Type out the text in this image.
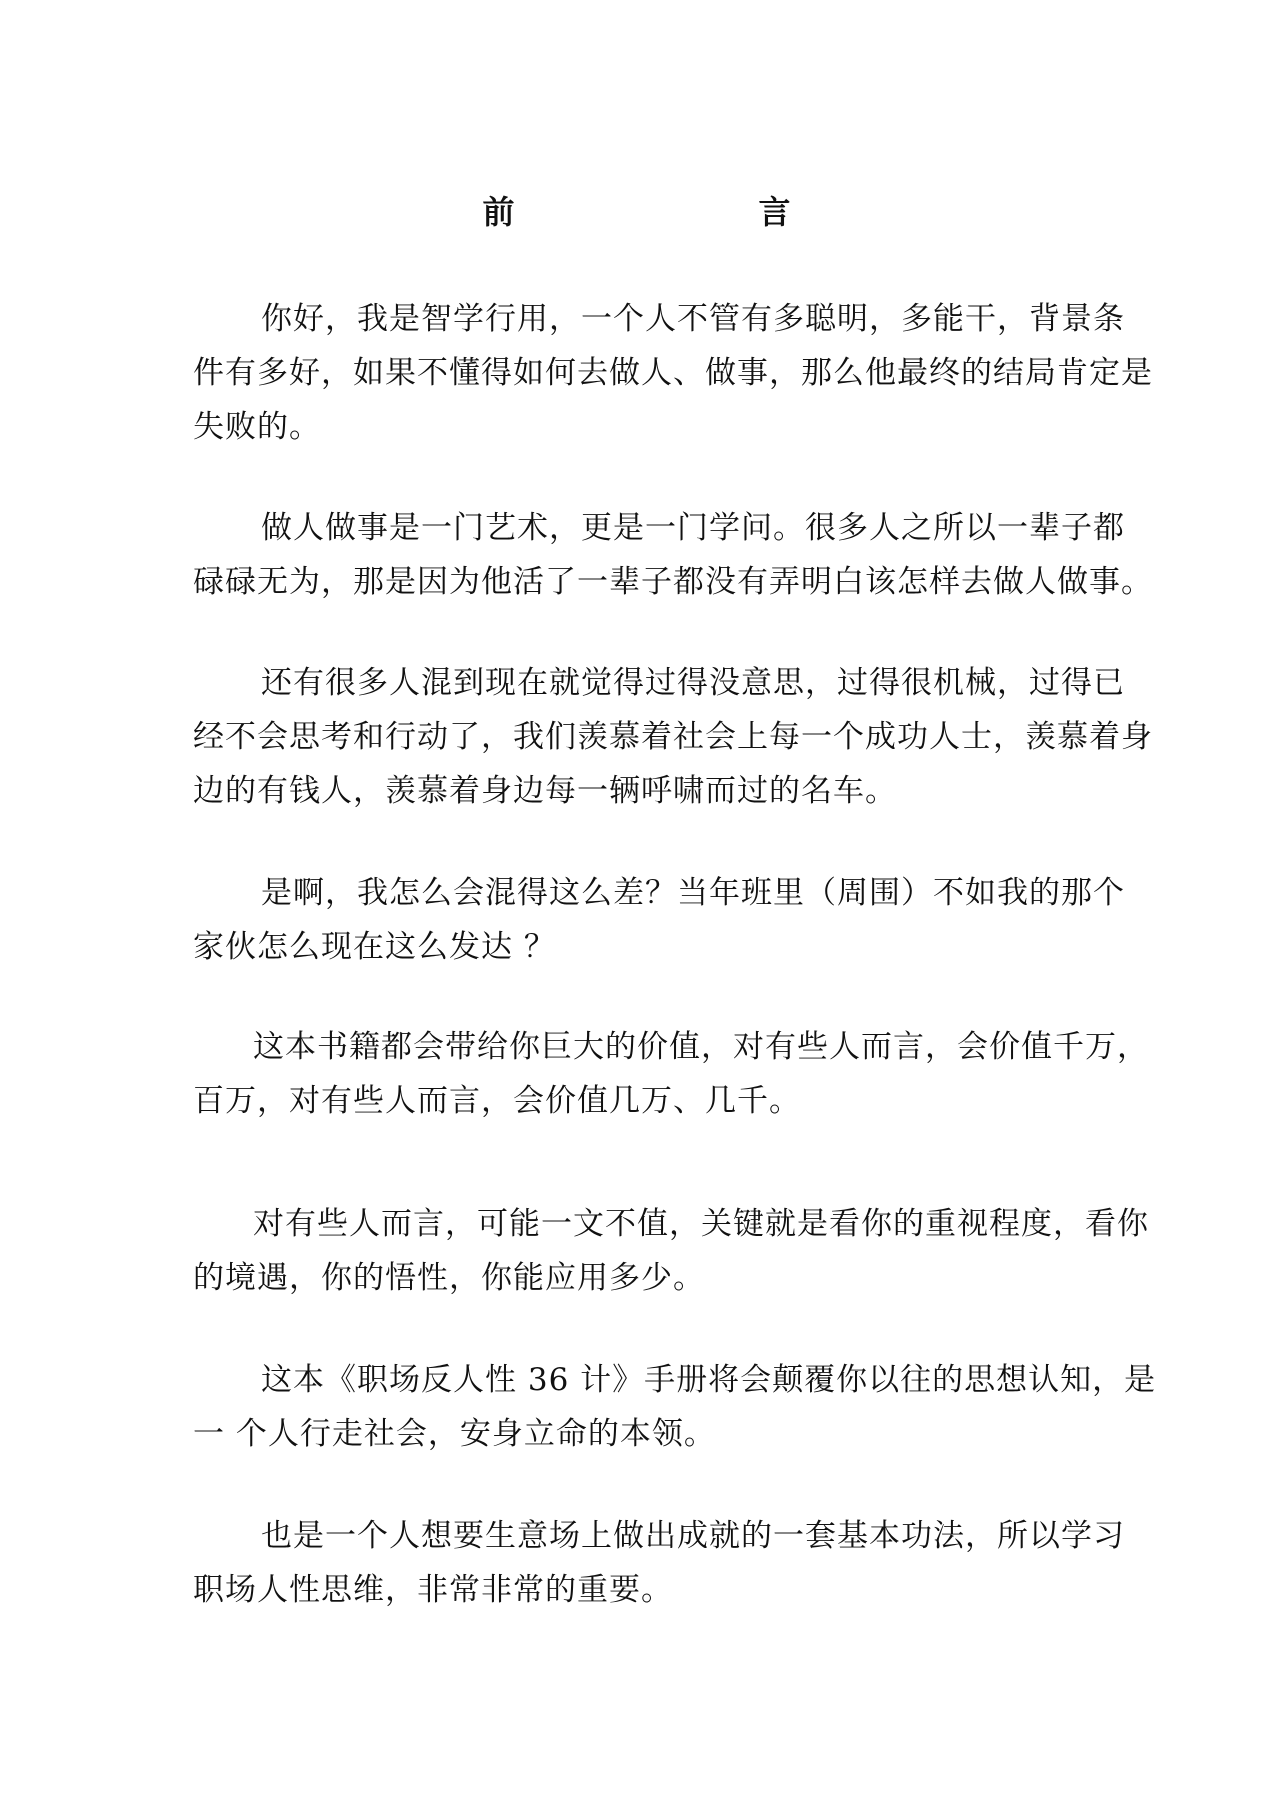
前　　言
你好，我是智学行用，一个人不管有多聪明，多能干，背景条
件有多好，如果不懂得如何去做人、做事，那么他最终的结局肯定是
失败的。
做人做事是一门艺术，更是一门学问。很多人之所以一辈子都
碌碌无为，那是因为他活了一辈子都没有弄明白该怎样去做人做事。
还有很多人混到现在就觉得过得没意思，过得很机械，过得已
经不会思考和行动了，我们羡慕着社会上每一个成功人士，羡慕着身
边的有钱人，羡慕着身边每一辆呼啸而过的名车。
是啊，我怎么会混得这么差？当年班里（周围）不如我的那个
家伙怎么现在这么发达 ？
这本书籍都会带给你巨大的价值，对有些人而言，会价值千万，
百万，对有些人而言，会价值几万、几千。
对有些人而言，可能一文不值，关键就是看你的重视程度，看你
的境遇，你的悟性，你能应用多少。
这本《职场反人性 36 计》手册将会颠覆你以往的思想认知，是
一 个人行走社会，安身立命的本领。
也是一个人想要生意场上做出成就的一套基本功法，所以学习
职场人性思维，非常非常的重要。
